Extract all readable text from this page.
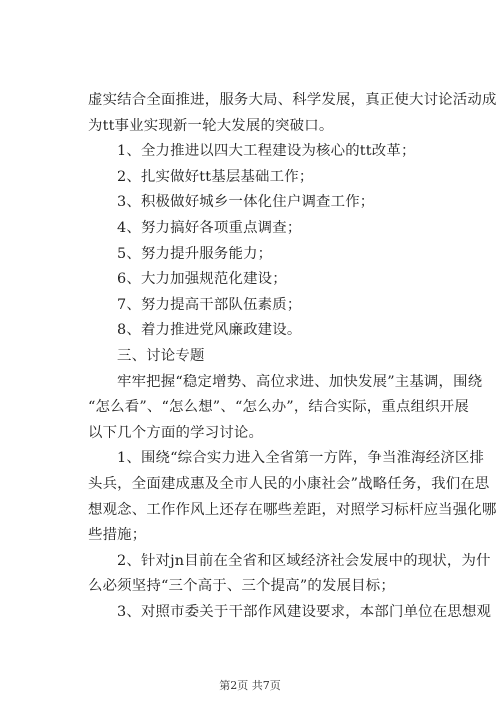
虚实结合全面推进，服务大局、科学发展，真正使大讨论活动成
为tt事业实现新一轮大发展的突破口。
1、全力推进以四大工程建设为核心的tt改革；
2、扎实做好tt基层基础工作；
3、积极做好城乡一体化住户调查工作；
4、努力搞好各项重点调查；
5、努力提升服务能力；
6、大力加强规范化建设；
7、努力提高干部队伍素质；
8、着力推进党风廉政建设。
三、讨论专题
牢牢把握“稳定增势、高位求进、加快发展”主基调，围绕
“怎么看”、“怎么想”、“怎么办”，结合实际，重点组织开展
以下几个方面的学习讨论。
1、围绕“综合实力进入全省第一方阵，争当淮海经济区排
头兵，全面建成惠及全市人民的小康社会”战略任务，我们在思
想观念、工作作风上还存在哪些差距，对照学习标杆应当强化哪
些措施；
2、针对jn目前在全省和区域经济社会发展中的现状，为什
么必须坚持“三个高于、三个提高”的发展目标；
3、对照市委关于干部作风建设要求，本部门单位在思想观
第2页 共7页
